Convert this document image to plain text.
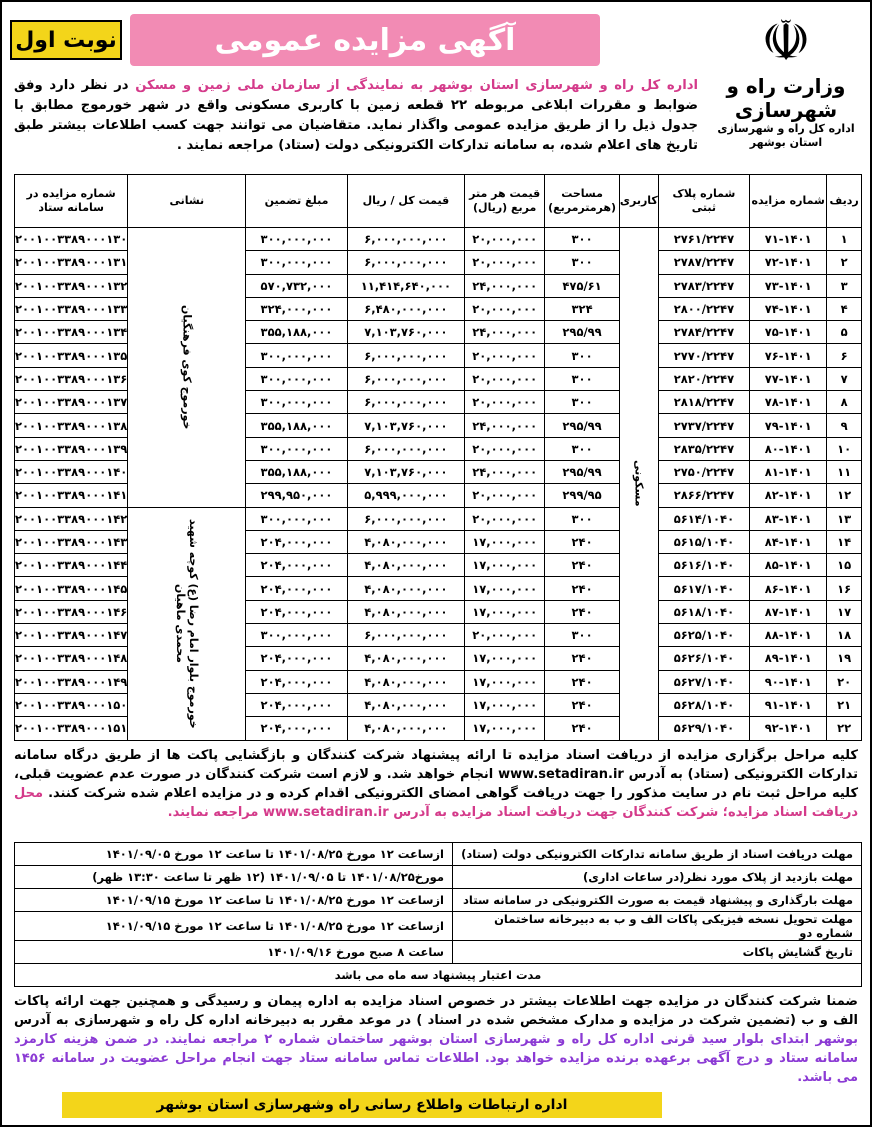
نوبت اول	آگهی مزایده عمومی	☫
وزارت راه و شهرسازی
اداره کل راه و شهرسازی استان بوشهر
اداره کل راه و شهرسازی استان بوشهر به نمایندگی از سازمان ملی زمین و مسکن در نظر دارد وفق ضوابط و مقررات ابلاغی مربوطه ۲۲ قطعه زمین با کاربری مسکونی واقع در شهر خورموج مطابق با جدول ذیل را از طریق مزایده عمومی واگذار نماید. متقاضیان می توانند جهت کسب اطلاعات بیشتر طبق تاریخ های اعلام شده، به سامانه تدارکات الکترونیکی دولت (ستاد) مراجعه نمایند .
ردیف	شماره مزایده	شماره پلاک ثبتی	کاربری	مساحت (هرمترمربع)	قیمت هر متر مربع (ریال)	قیمت کل / ریال	مبلغ تضمین	نشانی	شماره مزایده در سامانه ستاد
۱	۷۱-۱۴۰۱	۲۷۶۱/۲۲۴۷	مسکونی	۳۰۰	۲۰,۰۰۰,۰۰۰	۶,۰۰۰,۰۰۰,۰۰۰	۳۰۰,۰۰۰,۰۰۰	خورموج کوی فرهنگیان	۲۰۰۱۰۰۳۳۸۹۰۰۰۱۳۰
۲	۷۲-۱۴۰۱	۲۷۸۷/۲۲۴۷		۳۰۰	۲۰,۰۰۰,۰۰۰	۶,۰۰۰,۰۰۰,۰۰۰	۳۰۰,۰۰۰,۰۰۰		۲۰۰۱۰۰۳۳۸۹۰۰۰۱۳۱
۳	۷۳-۱۴۰۱	۲۷۸۳/۲۲۴۷		۴۷۵/۶۱	۲۴,۰۰۰,۰۰۰	۱۱,۴۱۴,۶۴۰,۰۰۰	۵۷۰,۷۳۲,۰۰۰		۲۰۰۱۰۰۳۳۸۹۰۰۰۱۳۲
۴	۷۴-۱۴۰۱	۲۸۰۰/۲۲۴۷		۳۲۴	۲۰,۰۰۰,۰۰۰	۶,۴۸۰,۰۰۰,۰۰۰	۳۲۴,۰۰۰,۰۰۰		۲۰۰۱۰۰۳۳۸۹۰۰۰۱۳۳
۵	۷۵-۱۴۰۱	۲۷۸۴/۲۲۴۷		۲۹۵/۹۹	۲۴,۰۰۰,۰۰۰	۷,۱۰۳,۷۶۰,۰۰۰	۳۵۵,۱۸۸,۰۰۰		۲۰۰۱۰۰۳۳۸۹۰۰۰۱۳۴
۶	۷۶-۱۴۰۱	۲۷۷۰/۲۲۴۷		۳۰۰	۲۰,۰۰۰,۰۰۰	۶,۰۰۰,۰۰۰,۰۰۰	۳۰۰,۰۰۰,۰۰۰		۲۰۰۱۰۰۳۳۸۹۰۰۰۱۳۵
۷	۷۷-۱۴۰۱	۲۸۲۰/۲۲۴۷		۳۰۰	۲۰,۰۰۰,۰۰۰	۶,۰۰۰,۰۰۰,۰۰۰	۳۰۰,۰۰۰,۰۰۰		۲۰۰۱۰۰۳۳۸۹۰۰۰۱۳۶
۸	۷۸-۱۴۰۱	۲۸۱۸/۲۲۴۷		۳۰۰	۲۰,۰۰۰,۰۰۰	۶,۰۰۰,۰۰۰,۰۰۰	۳۰۰,۰۰۰,۰۰۰		۲۰۰۱۰۰۳۳۸۹۰۰۰۱۳۷
۹	۷۹-۱۴۰۱	۲۷۳۷/۲۲۴۷		۲۹۵/۹۹	۲۴,۰۰۰,۰۰۰	۷,۱۰۳,۷۶۰,۰۰۰	۳۵۵,۱۸۸,۰۰۰		۲۰۰۱۰۰۳۳۸۹۰۰۰۱۳۸
۱۰	۸۰-۱۴۰۱	۲۸۳۵/۲۲۴۷		۳۰۰	۲۰,۰۰۰,۰۰۰	۶,۰۰۰,۰۰۰,۰۰۰	۳۰۰,۰۰۰,۰۰۰		۲۰۰۱۰۰۳۳۸۹۰۰۰۱۳۹
۱۱	۸۱-۱۴۰۱	۲۷۵۰/۲۲۴۷		۲۹۵/۹۹	۲۴,۰۰۰,۰۰۰	۷,۱۰۳,۷۶۰,۰۰۰	۳۵۵,۱۸۸,۰۰۰		۲۰۰۱۰۰۳۳۸۹۰۰۰۱۴۰
۱۲	۸۲-۱۴۰۱	۲۸۶۶/۲۲۴۷		۲۹۹/۹۵	۲۰,۰۰۰,۰۰۰	۵,۹۹۹,۰۰۰,۰۰۰	۲۹۹,۹۵۰,۰۰۰		۲۰۰۱۰۰۳۳۸۹۰۰۰۱۴۱
۱۳	۸۳-۱۴۰۱	۵۶۱۴/۱۰۴۰		۳۰۰	۲۰,۰۰۰,۰۰۰	۶,۰۰۰,۰۰۰,۰۰۰	۳۰۰,۰۰۰,۰۰۰	خورموج بلوار امام رضا (ع) کوچه شهید محمدی ماهیان	۲۰۰۱۰۰۳۳۸۹۰۰۰۱۴۲
۱۴	۸۴-۱۴۰۱	۵۶۱۵/۱۰۴۰		۲۴۰	۱۷,۰۰۰,۰۰۰	۴,۰۸۰,۰۰۰,۰۰۰	۲۰۴,۰۰۰,۰۰۰		۲۰۰۱۰۰۳۳۸۹۰۰۰۱۴۳
۱۵	۸۵-۱۴۰۱	۵۶۱۶/۱۰۴۰		۲۴۰	۱۷,۰۰۰,۰۰۰	۴,۰۸۰,۰۰۰,۰۰۰	۲۰۴,۰۰۰,۰۰۰		۲۰۰۱۰۰۳۳۸۹۰۰۰۱۴۴
۱۶	۸۶-۱۴۰۱	۵۶۱۷/۱۰۴۰		۲۴۰	۱۷,۰۰۰,۰۰۰	۴,۰۸۰,۰۰۰,۰۰۰	۲۰۴,۰۰۰,۰۰۰		۲۰۰۱۰۰۳۳۸۹۰۰۰۱۴۵
۱۷	۸۷-۱۴۰۱	۵۶۱۸/۱۰۴۰		۲۴۰	۱۷,۰۰۰,۰۰۰	۴,۰۸۰,۰۰۰,۰۰۰	۲۰۴,۰۰۰,۰۰۰		۲۰۰۱۰۰۳۳۸۹۰۰۰۱۴۶
۱۸	۸۸-۱۴۰۱	۵۶۲۵/۱۰۴۰		۳۰۰	۲۰,۰۰۰,۰۰۰	۶,۰۰۰,۰۰۰,۰۰۰	۳۰۰,۰۰۰,۰۰۰		۲۰۰۱۰۰۳۳۸۹۰۰۰۱۴۷
۱۹	۸۹-۱۴۰۱	۵۶۲۶/۱۰۴۰		۲۴۰	۱۷,۰۰۰,۰۰۰	۴,۰۸۰,۰۰۰,۰۰۰	۲۰۴,۰۰۰,۰۰۰		۲۰۰۱۰۰۳۳۸۹۰۰۰۱۴۸
۲۰	۹۰-۱۴۰۱	۵۶۲۷/۱۰۴۰		۲۴۰	۱۷,۰۰۰,۰۰۰	۴,۰۸۰,۰۰۰,۰۰۰	۲۰۴,۰۰۰,۰۰۰		۲۰۰۱۰۰۳۳۸۹۰۰۰۱۴۹
۲۱	۹۱-۱۴۰۱	۵۶۲۸/۱۰۴۰		۲۴۰	۱۷,۰۰۰,۰۰۰	۴,۰۸۰,۰۰۰,۰۰۰	۲۰۴,۰۰۰,۰۰۰		۲۰۰۱۰۰۳۳۸۹۰۰۰۱۵۰
۲۲	۹۲-۱۴۰۱	۵۶۲۹/۱۰۴۰		۲۴۰	۱۷,۰۰۰,۰۰۰	۴,۰۸۰,۰۰۰,۰۰۰	۲۰۴,۰۰۰,۰۰۰		۲۰۰۱۰۰۳۳۸۹۰۰۰۱۵۱
کلیه مراحل برگزاری مزایده از دریافت اسناد مزایده تا ارائه پیشنهاد شرکت کنندگان و بازگشایی پاکت ها از طریق درگاه سامانه تدارکات الکترونیکی (ستاد) به آدرس www.setadiran.ir انجام خواهد شد. و لازم است شرکت کنندگان در صورت عدم عضویت قبلی، کلیه مراحل ثبت نام در سایت مذکور را جهت دریافت گواهی امضای الکترونیکی اقدام کرده و در مزایده اعلام شده شرکت کنند. محل دریافت اسناد مزایده؛ شرکت کنندگان جهت دریافت اسناد مزایده به آدرس www.setadiran.ir مراجعه نمایند.
مهلت دریافت اسناد از طریق سامانه تدارکات الکترونیکی دولت (ستاد)	ازساعت ۱۲ مورخ ۱۴۰۱/۰۸/۲۵ تا ساعت ۱۲ مورخ ۱۴۰۱/۰۹/۰۵
مهلت بازدید از پلاک مورد نظر(در ساعات اداری)	مورخ۱۴۰۱/۰۸/۲۵ تا ۱۴۰۱/۰۹/۰۵ (۱۲ ظهر تا ساعت ۱۳:۳۰ ظهر)
مهلت بارگذاری و پیشنهاد قیمت به صورت الکترونیکی در سامانه ستاد	ازساعت ۱۲ مورخ ۱۴۰۱/۰۸/۲۵ تا ساعت ۱۲ مورخ ۱۴۰۱/۰۹/۱۵
مهلت تحویل نسخه فیزیکی پاکات الف و ب به دبیرخانه ساختمان شماره دو	ازساعت ۱۲ مورخ ۱۴۰۱/۰۸/۲۵ تا ساعت ۱۲ مورخ ۱۴۰۱/۰۹/۱۵
تاریخ گشایش پاکات	ساعت ۸ صبح مورخ ۱۴۰۱/۰۹/۱۶
مدت اعتبار پیشنهاد سه ماه می باشد	
ضمنا شرکت کنندگان در مزایده جهت اطلاعات بیشتر در خصوص اسناد مزایده به اداره پیمان و رسیدگی و همچنین جهت ارائه پاکات الف و ب (تضمین شرکت در مزایده و مدارک مشخص شده در اسناد ) در موعد مقرر به دبیرخانه اداره کل راه و شهرسازی به آدرس بوشهر ابتدای بلوار سید قرنی اداره کل راه و شهرسازی استان بوشهر ساختمان شماره ۲ مراجعه نمایند. در ضمن هزینه کارمزد سامانه ستاد و درج آگهی برعهده برنده مزایده خواهد بود. اطلاعات تماس سامانه ستاد جهت انجام مراحل عضویت در سامانه ۱۴۵۶ می باشد.
اداره ارتباطات واطلاع رسانی راه وشهرسازی استان بوشهر
